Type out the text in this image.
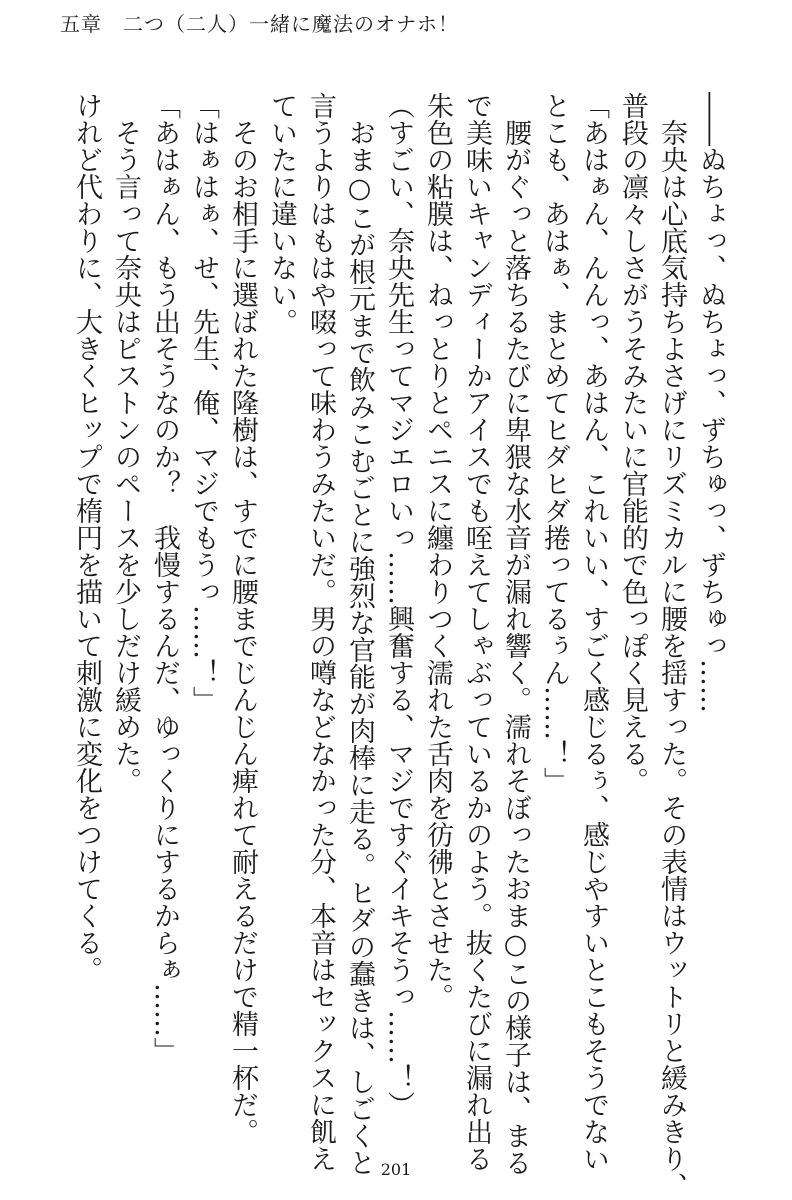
五章　二つ（二人）一緒に魔法のオナホ！
――ぬちょっ、ぬちょっ、ずちゅっ、ずちゅっ……
　奈央は心底気持ちよさげにリズミカルに腰を揺すった。その表情はウットリと緩みきり、
普段の凛々しさがうそみたいに官能的で色っぽく見える。
「あはぁん、んんっ、あはん、これいい、すごく感じるぅ、感じやすいとこもそうでない
とこも、あはぁ、まとめてヒダヒダ捲ってるぅん……！」
　腰がぐっと落ちるたびに卑猥な水音が漏れ響く。濡れそぼったおま○この様子は、まる
で美味いキャンディーかアイスでも咥えてしゃぶっているかのよう。抜くたびに漏れ出る
朱色の粘膜は、ねっとりとペニスに纏わりつく濡れた舌肉を彷彿とさせた。
（すごい、奈央先生ってマジエロいっ……興奮する、マジですぐイキそうっ……！）
　おま○こが根元まで飲みこむごとに強烈な官能が肉棒に走る。ヒダの蠢きは、しごくと
言うよりはもはや啜って味わうみたいだ。男の噂などなかった分、本音はセックスに飢え
ていたに違いない。
　そのお相手に選ばれた隆樹は、すでに腰までじんじん痺れて耐えるだけで精一杯だ。
「はぁはぁ、せ、先生、俺、マジでもうっ……！」
「あはぁん、もう出そうなのか？　我慢するんだ、ゆっくりにするからぁ……」
　そう言って奈央はピストンのペースを少しだけ緩めた。
けれど代わりに、大きくヒップで楕円を描いて刺激に変化をつけてくる。
201
